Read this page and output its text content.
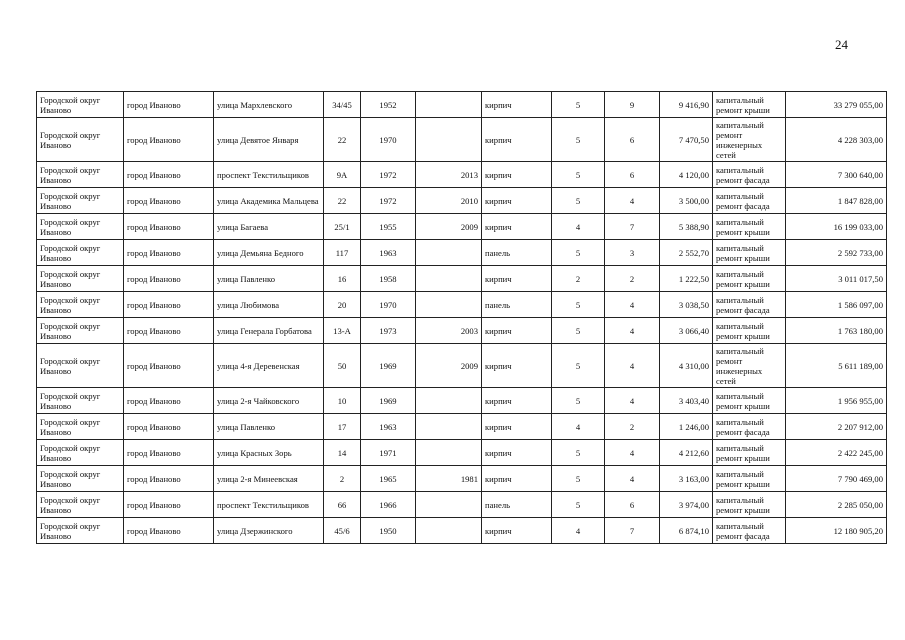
24
Городской округ Иваново	город Иваново	улица Мархлевского	34/45	1952		кирпич	5	9	9 416,90	капитальный ремонт крыши	33 279 055,00
Городской округ Иваново	город Иваново	улица Девятое Января	22	1970		кирпич	5	6	7 470,50	капитальный ремонт инженерных сетей	4 228 303,00
Городской округ Иваново	город Иваново	проспект Текстильщиков	9А	1972	2013	кирпич	5	6	4 120,00	капитальный ремонт фасада	7 300 640,00
Городской округ Иваново	город Иваново	улица Академика Мальцева	22	1972	2010	кирпич	5	4	3 500,00	капитальный ремонт фасада	1 847 828,00
Городской округ Иваново	город Иваново	улица Багаева	25/1	1955	2009	кирпич	4	7	5 388,90	капитальный ремонт крыши	16 199 033,00
Городской округ Иваново	город Иваново	улица Демьяна Бедного	117	1963		панель	5	3	2 552,70	капитальный ремонт крыши	2 592 733,00
Городской округ Иваново	город Иваново	улица Павленко	16	1958		кирпич	2	2	1 222,50	капитальный ремонт крыши	3 011 017,50
Городской округ Иваново	город Иваново	улица Любимова	20	1970		панель	5	4	3 038,50	капитальный ремонт фасада	1 586 097,00
Городской округ Иваново	город Иваново	улица Генерала Горбатова	13-А	1973	2003	кирпич	5	4	3 066,40	капитальный ремонт крыши	1 763 180,00
Городской округ Иваново	город Иваново	улица 4-я Деревенская	50	1969	2009	кирпич	5	4	4 310,00	капитальный ремонт инженерных сетей	5 611 189,00
Городской округ Иваново	город Иваново	улица 2-я Чайковского	10	1969		кирпич	5	4	3 403,40	капитальный ремонт крыши	1 956 955,00
Городской округ Иваново	город Иваново	улица Павленко	17	1963		кирпич	4	2	1 246,00	капитальный ремонт фасада	2 207 912,00
Городской округ Иваново	город Иваново	улица Красных Зорь	14	1971		кирпич	5	4	4 212,60	капитальный ремонт крыши	2 422 245,00
Городской округ Иваново	город Иваново	улица 2-я Минеевская	2	1965	1981	кирпич	5	4	3 163,00	капитальный ремонт крыши	7 790 469,00
Городской округ Иваново	город Иваново	проспект Текстильщиков	66	1966		панель	5	6	3 974,00	капитальный ремонт крыши	2 285 050,00
Городской округ Иваново	город Иваново	улица Дзержинского	45/6	1950		кирпич	4	7	6 874,10	капитальный ремонт фасада	12 180 905,20
